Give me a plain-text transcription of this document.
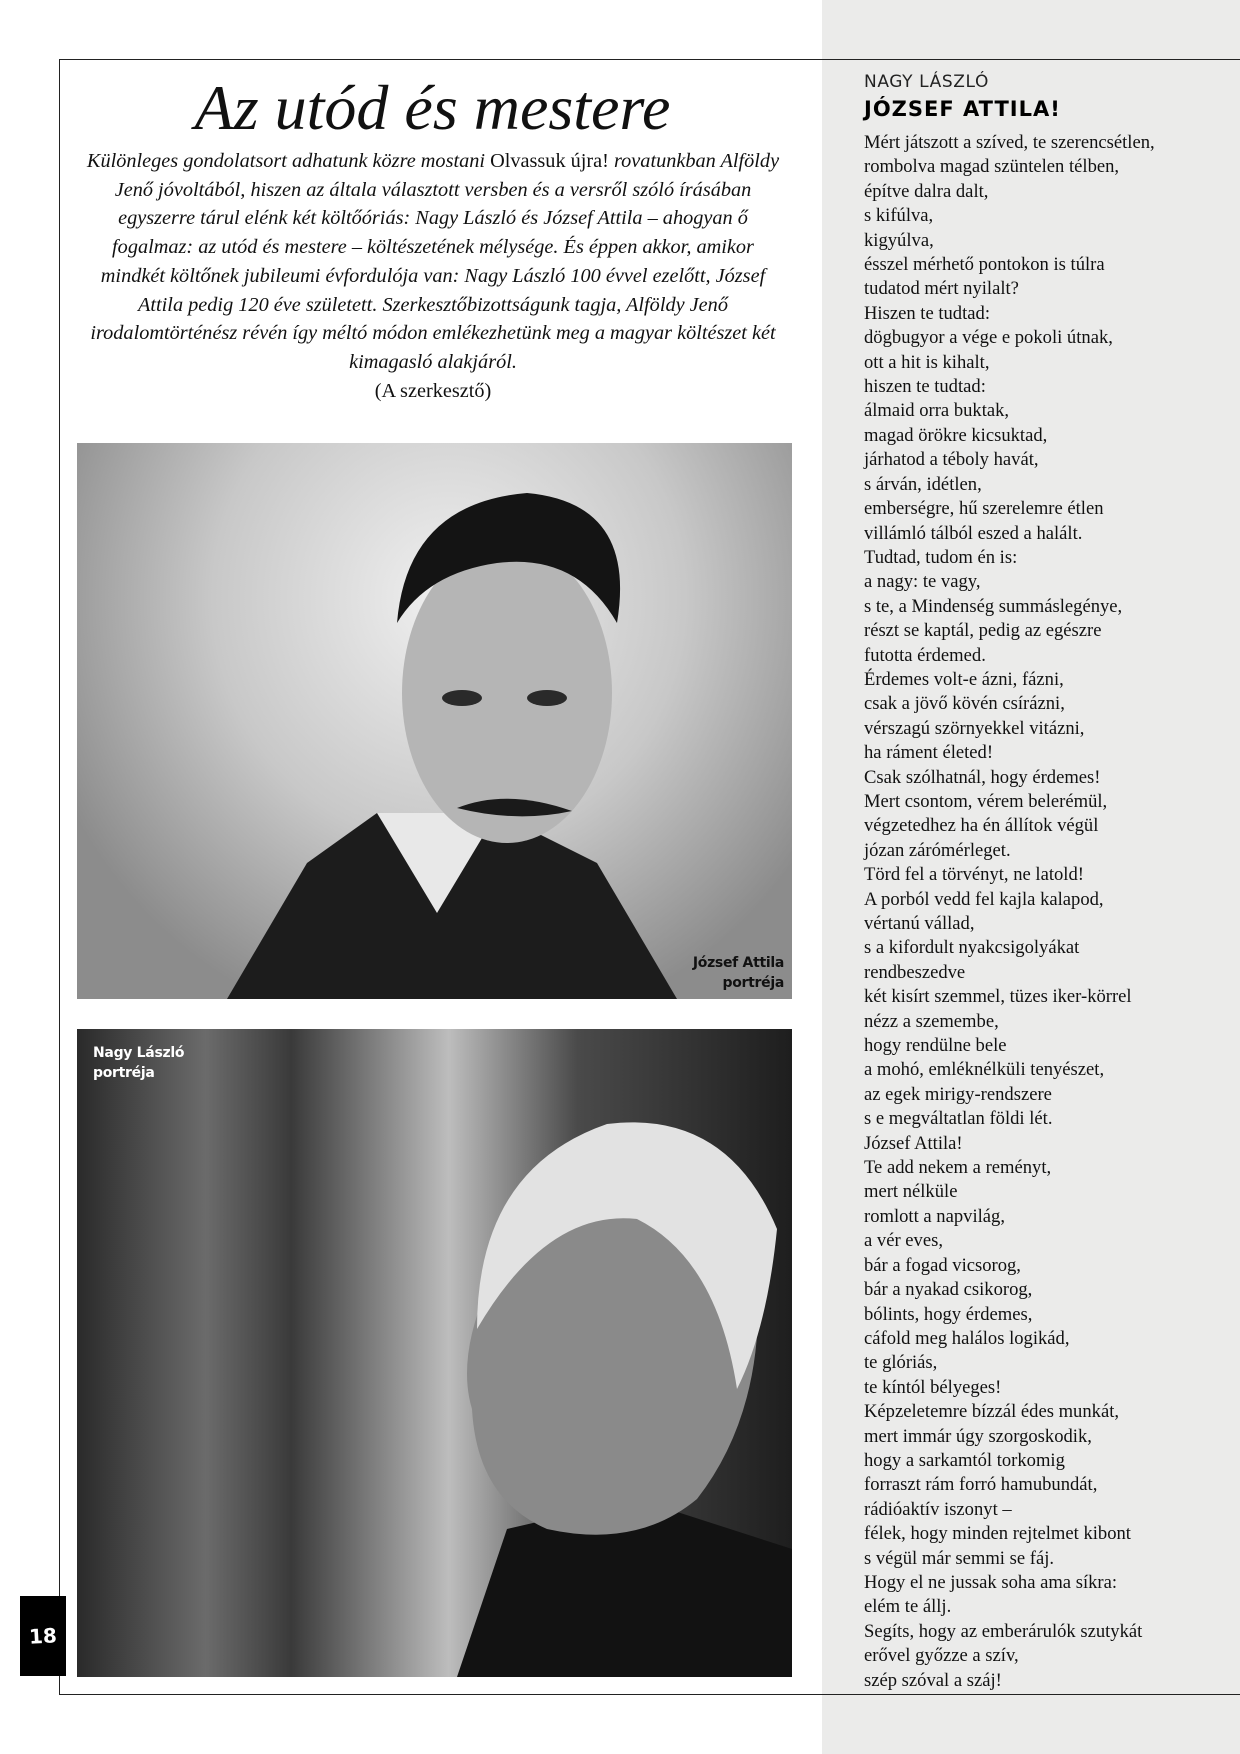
Az utód és mestere
Különleges gondolatsort adhatunk közre mostani Olvassuk újra! rovatunkban Alföldy Jenő jóvoltából, hiszen az általa választott versben és a versről szóló írásában egyszerre tárul elénk két költőóriás: Nagy László és József Attila – ahogyan ő fogalmaz: az utód és mestere – költészetének mélysége. És éppen akkor, amikor mindkét költőnek jubileumi évfordulója van: Nagy László 100 évvel ezelőtt, József Attila pedig 120 éve született. Szerkesztőbizottságunk tagja, Alföldy Jenő irodalomtörténész révén így méltó módon emlékezhetünk meg a magyar költészet két kimagasló alakjáról.
(A szerkesztő)
József Attila
portréja
Nagy László
portréja
NAGY LÁSZLÓ
JÓZSEF ATTILA!
Mért játszott a szíved, te szerencsétlen,
rombolva magad szüntelen télben,
építve dalra dalt,
s kifúlva,
kigyúlva,
ésszel mérhető pontokon is túlra
tudatod mért nyilalt?
Hiszen te tudtad:
dögbugyor a vége e pokoli útnak,
ott a hit is kihalt,
hiszen te tudtad:
álmaid orra buktak,
magad örökre kicsuktad,
járhatod a téboly havát,
s árván, idétlen,
emberségre, hű szerelemre étlen
villámló tálból eszed a halált.
Tudtad, tudom én is:
a nagy: te vagy,
s te, a Mindenség summáslegénye,
részt se kaptál, pedig az egészre
futotta érdemed.
Érdemes volt-e ázni, fázni,
csak a jövő kövén csírázni,
vérszagú szörnyekkel vitázni,
ha ráment életed!
Csak szólhatnál, hogy érdemes!
Mert csontom, vérem belerémül,
végzetedhez ha én állítok végül
józan zárómérleget.
Törd fel a törvényt, ne latold!
A porból vedd fel kajla kalapod,
vértanú vállad,
s a kifordult nyakcsigolyákat
rendbeszedve
két kisírt szemmel, tüzes iker-körrel
nézz a szemembe,
hogy rendülne bele
a mohó, emléknélküli tenyészet,
az egek mirigy-rendszere
s e megváltatlan földi lét.
József Attila!
Te add nekem a reményt,
mert nélküle
romlott a napvilág,
a vér eves,
bár a fogad vicsorog,
bár a nyakad csikorog,
bólints, hogy érdemes,
cáfold meg halálos logikád,
te glóriás,
te kíntól bélyeges!
Képzeletemre bízzál édes munkát,
mert immár úgy szorgoskodik,
hogy a sarkamtól torkomig
forraszt rám forró hamubundát,
rádióaktív iszonyt –
félek, hogy minden rejtelmet kibont
s végül már semmi se fáj.
Hogy el ne jussak soha ama síkra:
elém te állj.
Segíts, hogy az emberárulók szutykát
erővel győzze a szív,
szép szóval a száj!
18
